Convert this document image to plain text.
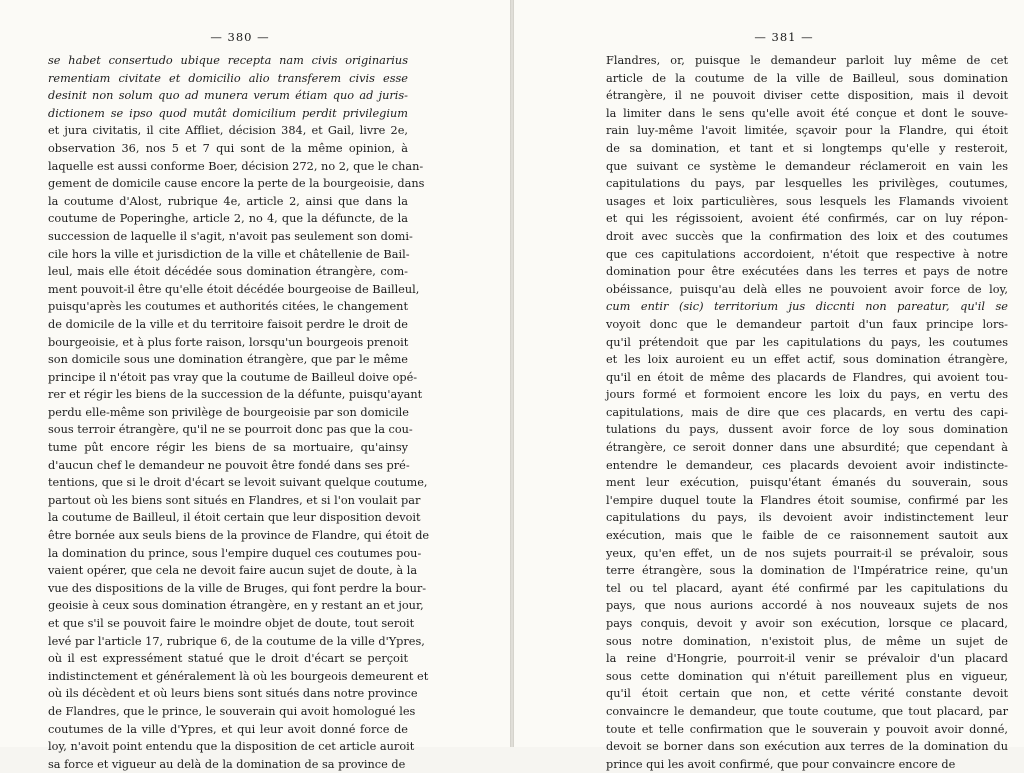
— 380 —
se habet consertudo ubique recepta nam civis originarius
rementiam civitate et domicilio alio transferem civis esse
desinit non solum quo ad munera verum étiam quo ad juris-
dictionem se ipso quod mutât domicilium perdit privilegium
et jura civitatis, il cite Affliet, décision 384, et Gail, livre 2e,
observation 36, nos 5 et 7 qui sont de la même opinion, à
laquelle est aussi conforme Boer, décision 272, no 2, que le chan-
gement de domicile cause encore la perte de la bourgeoisie, dans
la coutume d'Alost, rubrique 4e, article 2, ainsi que dans la
coutume de Poperinghe, article 2, no 4, que la défuncte, de la
succession de laquelle il s'agit, n'avoit pas seulement son domi-
cile hors la ville et jurisdiction de la ville et châtellenie de Bail-
leul, mais elle étoit décédée sous domination étrangère, com-
ment pouvoit-il être qu'elle étoit décédée bourgeoise de Bailleul,
puisqu'après les coutumes et authorités citées, le changement
de domicile de la ville et du territoire faisoit perdre le droit de
bourgeoisie, et à plus forte raison, lorsqu'un bourgeois prenoit
son domicile sous une domination étrangère, que par le même
principe il n'étoit pas vray que la coutume de Bailleul doive opé-
rer et régir les biens de la succession de la défunte, puisqu'ayant
perdu elle-même son privilège de bourgeoisie par son domicile
sous terroir étrangère, qu'il ne se pourroit donc pas que la cou-
tume pût encore régir les biens de sa mortuaire, qu'ainsy
d'aucun chef le demandeur ne pouvoit être fondé dans ses pré-
tentions, que si le droit d'écart se levoit suivant quelque coutume,
partout où les biens sont situés en Flandres, et si l'on voulait par
la coutume de Bailleul, il étoit certain que leur disposition devoit
être bornée aux seuls biens de la province de Flandre, qui étoit de
la domination du prince, sous l'empire duquel ces coutumes pou-
vaient opérer, que cela ne devoit faire aucun sujet de doute, à la
vue des dispositions de la ville de Bruges, qui font perdre la bour-
geoisie à ceux sous domination étrangère, en y restant an et jour,
et que s'il se pouvoit faire le moindre objet de doute, tout seroit
levé par l'article 17, rubrique 6, de la coutume de la ville d'Ypres,
où il est expressément statué que le droit d'écart se perçoit
indistinctement et généralement là où les bourgeois demeurent et
où ils décèdent et où leurs biens sont situés dans notre province
de Flandres, que le prince, le souverain qui avoit homologué les
coutumes de la ville d'Ypres, et qui leur avoit donné force de
loy, n'avoit point entendu que la disposition de cet article auroit
sa force et vigueur au delà de la domination de sa province de
— 381 —
Flandres, or, puisque le demandeur parloit luy même de cet
article de la coutume de la ville de Bailleul, sous domination
étrangère, il ne pouvoit diviser cette disposition, mais il devoit
la limiter dans le sens qu'elle avoit été conçue et dont le souve-
rain luy-même l'avoit limitée, sçavoir pour la Flandre, qui étoit
de sa domination, et tant et si longtemps qu'elle y resteroit,
que suivant ce système le demandeur réclameroit en vain les
capitulations du pays, par lesquelles les privilèges, coutumes,
usages et loix particulières, sous lesquels les Flamands vivoient
et qui les régissoient, avoient été confirmés, car on luy répon-
droit avec succès que la confirmation des loix et des coutumes
que ces capitulations accordoient, n'étoit que respective à notre
domination pour être exécutées dans les terres et pays de notre
obéissance, puisqu'au delà elles ne pouvoient avoir force de loy,
cum entir (sic) territorium jus diccnti non pareatur, qu'il se
voyoit donc que le demandeur partoit d'un faux principe lors-
qu'il prétendoit que par les capitulations du pays, les coutumes
et les loix auroient eu un effet actif, sous domination étrangère,
qu'il en étoit de même des placards de Flandres, qui avoient tou-
jours formé et formoient encore les loix du pays, en vertu des
capitulations, mais de dire que ces placards, en vertu des capi-
tulations du pays, dussent avoir force de loy sous domination
étrangère, ce seroit donner dans une absurdité; que cependant à
entendre le demandeur, ces placards devoient avoir indistincte-
ment leur exécution, puisqu'étant émanés du souverain, sous
l'empire duquel toute la Flandres étoit soumise, confirmé par les
capitulations du pays, ils devoient avoir indistinctement leur
exécution, mais que le faible de ce raisonnement sautoit aux
yeux, qu'en effet, un de nos sujets pourrait-il se prévaloir, sous
terre étrangère, sous la domination de l'Impératrice reine, qu'un
tel ou tel placard, ayant été confirmé par les capitulations du
pays, que nous aurions accordé à nos nouveaux sujets de nos
pays conquis, devoit y avoir son exécution, lorsque ce placard,
sous notre domination, n'existoit plus, de même un sujet de
la reine d'Hongrie, pourroit-il venir se prévaloir d'un placard
sous cette domination qui n'étuit pareillement plus en vigueur,
qu'il étoit certain que non, et cette vérité constante devoit
convaincre le demandeur, que toute coutume, que tout placard, par
toute et telle confirmation que le souverain y pouvoit avoir donné,
devoit se borner dans son exécution aux terres de la domination du
prince qui les avoit confirmé, que pour convaincre encore de
